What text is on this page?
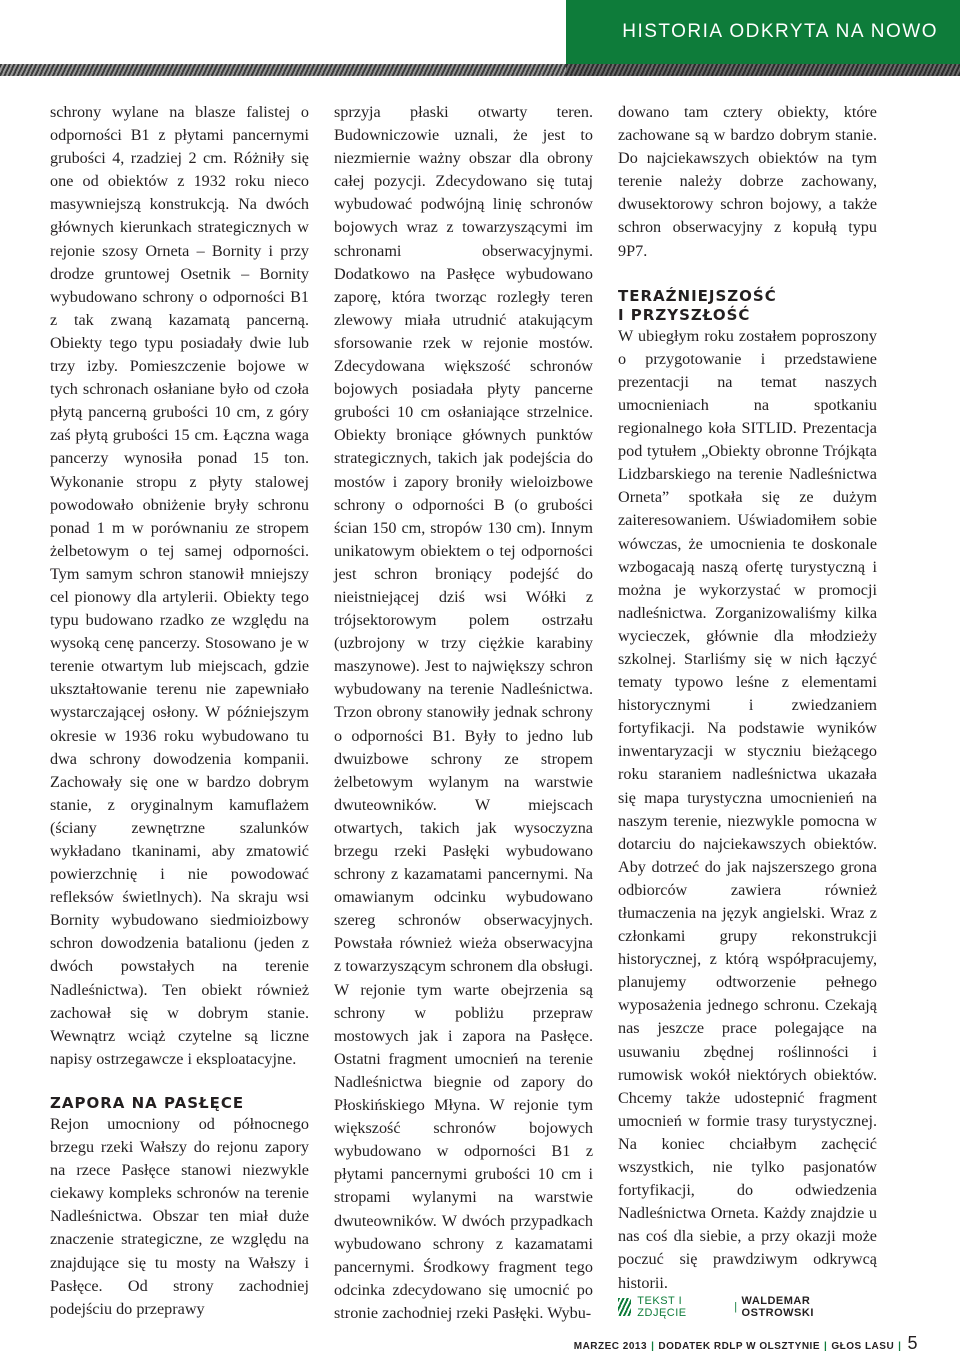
HISTORIA ODKRYTA NA NOWO

schrony wylane na blasze falistej o odporności B1 z płytami pancernymi grubości 4, rzadziej 2 cm. Różniły się one od obiektów z 1932 roku nieco masywniejszą konstrukcją. Na dwóch głównych kierunkach strategicznych w rejonie szosy Orneta – Bornity i przy drodze gruntowej Osetnik – Bornity wybudowano schrony o odporności B1 z tak zwaną kazamatą pancerną. Obiekty tego typu posiadały dwie lub trzy izby. Pomieszczenie bojowe w tych schronach osłaniane było od czoła płytą pancerną grubości 10 cm, z góry zaś płytą grubości 15 cm. Łączna waga pancerzy wynosiła ponad 15 ton. Wykonanie stropu z płyty stalowej powodowało obniżenie bryły schronu ponad 1 m w porównaniu ze stropem żelbetowym o tej samej odporności. Tym samym schron stanowił mniejszy cel pionowy dla artylerii. Obiekty tego typu budowano rzadko ze względu na wysoką cenę pancerzy. Stosowano je w terenie otwartym lub miejscach, gdzie ukształtowanie terenu nie zapewniało wystarczającej osłony. W późniejszym okresie w 1936 roku wybudowano tu dwa schrony dowodzenia kompanii. Zachowały się one w bardzo dobrym stanie, z oryginalnym kamuflażem (ściany zewnętrzne szalunków wykładano tkaninami, aby zmatowić powierzchnię i nie powodować refleksów świetlnych). Na skraju wsi Bornity wybudowano siedmioizbowy schron dowodzenia batalionu (jeden z dwóch powstałych na terenie Nadleśnictwa). Ten obiekt również zachował się w dobrym stanie. Wewnątrz wciąż czytelne są liczne napisy ostrzegawcze i eksploatacyjne.

ZAPORA NA PASŁĘCE

Rejon umocniony od północnego brzegu rzeki Wałszy do rejonu zapory na rzece Pasłęce stanowi niezwykle ciekawy kompleks schronów na terenie Nadleśnictwa. Obszar ten miał duże znaczenie strategiczne, ze względu na znajdujące się tu mosty na Wałszy i Pasłęce. Od strony zachodniej podejściu do przeprawy

sprzyja płaski otwarty teren. Budowniczowie uznali, że jest to niezmiernie ważny obszar dla obrony całej pozycji. Zdecydowano się tutaj wybudować podwójną linię schronów bojowych wraz z towarzyszącymi im schronami obserwacyjnymi. Dodatkowo na Pasłęce wybudowano zaporę, która tworząc rozległy teren zlewowy miała utrudnić atakującym sforsowanie rzek w rejonie mostów. Zdecydowana większość schronów bojowych posiadała płyty pancerne grubości 10 cm osłaniające strzelnice. Obiekty broniące głównych punktów strategicznych, takich jak podejścia do mostów i zapory broniły wieloizbowe schrony o odporności B (o grubości ścian 150 cm, stropów 130 cm). Innym unikatowym obiektem o tej odporności jest schron broniący podejść do nieistniejącej dziś wsi Wółki z trójsektorowym polem ostrzału (uzbrojony w trzy ciężkie karabiny maszynowe). Jest to największy schron wybudowany na terenie Nadleśnictwa. Trzon obrony stanowiły jednak schrony o odporności B1. Były to jedno lub dwuizbowe schrony ze stropem żelbetowym wylanym na warstwie dwuteowników. W miejscach otwartych, takich jak wysoczyzna brzegu rzeki Pasłęki wybudowano schrony z kazamatami pancernymi. Na omawianym odcinku wybudowano szereg schronów obserwacyjnych. Powstała również wieża obserwacyjna z towarzyszącym schronem dla obsługi. W rejonie tym warte obejrzenia są schrony w pobliżu przepraw mostowych jak i zapora na Pasłęce. Ostatni fragment umocnień na terenie Nadleśnictwa biegnie od zapory do Płoskińskiego Młyna. W rejonie tym większość schronów bojowych wybudowano w odporności B1 z płytami pancernymi grubości 10 cm i stropami wylanymi na warstwie dwuteowników. W dwóch przypadkach wybudowano schrony z kazamatami pancernymi. Środkowy fragment tego odcinka zdecydowano się umocnić po stronie zachodniej rzeki Pasłęki. Wybu-

dowano tam cztery obiekty, które zachowane są w bardzo dobrym stanie. Do najciekawszych obiektów na tym terenie należy dobrze zachowany, dwusektorowy schron bojowy, a także schron obserwacyjny z kopułą typu 9P7.

TERAŹNIEJSZOŚĆ
I PRZYSZŁOŚĆ

W ubiegłym roku zostałem poproszony o przygotowanie i przedstawiene prezentacji na temat naszych umocnieniach na spotkaniu regionalnego koła SITLID. Prezentacja pod tytułem „Obiekty obronne Trójkąta Lidzbarskiego na terenie Nadleśnictwa Orneta” spotkała się ze dużym zaiteresowaniem. Uświadomiłem sobie wówczas, że umocnienia te doskonale wzbogacają naszą ofertę turystyczną i można je wykorzystać w promocji nadleśnictwa. Zorganizowaliśmy kilka wycieczek, głównie dla młodzieży szkolnej. Starliśmy się w nich łączyć tematy typowo leśne z elementami historycznymi i zwiedzaniem fortyfikacji. Na podstawie wyników inwentaryzacji w styczniu bieżącego roku staraniem nadleśnictwa ukazała się mapa turystyczna umocnienień na naszym terenie, niezwykle pomocna w dotarciu do najciekawszych obiektów. Aby dotrzeć do jak najszerszego grona odbiorców zawiera również tłumaczenia na język angielski. Wraz z członkami grupy rekonstrukcji historycznej, z którą współpracujemy, planujemy odtworzenie pełnego wyposażenia jednego schronu. Czekają nas jeszcze prace polegające na usuwaniu zbędnej roślinności i rumowisk wokół niektórych obiektów. Chcemy także udostepnić fragment umocnień w formie trasy turystycznej. Na koniec chciałbym zachęcić wszystkich, nie tylko pasjonatów fortyfikacji, do odwiedzenia Nadleśnictwa Orneta. Każdy znajdzie u nas coś dla siebie, a przy okazji może poczuć się prawdziwym odkrywcą historii.

TEKST I ZDJĘCIE	| WALDEMAR OSTROWSKI
MARZEC 2013 | DODATEK RDLP W OLSZTYNIE | GŁOS LASU | 5
